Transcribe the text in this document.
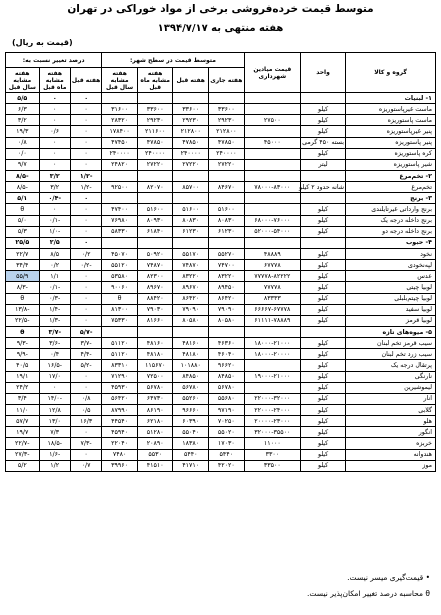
متوسط قیمت خرده‌فروشی برخی از مواد خوراکی در تهران
هفته منتهی به ۱۳۹۴/۷/۱۷
(قیمت به ریال)
گروه و کالا	واحد	قیمت میادین شهرداری	متوسط قیمت در سطح شهر:				درصد تغییر نسبت به:		
			هفته جاری	هفته قبل	هفته مشابه ماه قبل	هفته مشابه سال قبل	هفته قبل	هفته مشابه ماه قبل	هفته مشابه سال قبل
۱- لبنیات							۰	۰	۵/۵
ماست غیرپاستوریزه	کیلو		۳۳۶۰۰	۳۳۶۰۰	۳۳۶۰۰	۳۱۶۰۰	۰	۰	۶/۳
ماست پاستوریزه	کیلو	۲۷۵۰۰	۲۹۲۳۰	۲۹۲۳۰	۲۹۲۳۰	۲۸۳۲۰	۰	۰	۳/۲
پنیر غیرپاستوریزه	کیلو		۲۱۲۸۰۰	۲۱۲۸۰۰	۲۱۱۶۰۰	۱۷۸۴۰۰	۰	۰/۶	۱۹/۳
پنیر پاستوریزه	بسته ۴۵۰ گرمی	۴۵۰۰۰	۴۷۸۵۰	۴۷۸۵۰	۴۷۸۵۰	۴۷۴۵۰	۰	۰	۰/۸
کره پاستوریزه	کیلو		۲۴۰۰۰۰	۲۴۰۰۰۰	۲۴۰۰۰۰	۲۴۰۰۰۰	۰	۰	۰/۰
شیر پاستوریزه	لیتر		۲۷۲۲۰	۲۷۲۲۰	۲۷۲۲۰	۲۴۸۲۰	۰	۰	۹/۷
۲- تخم‌مرغ							-۱/۲	۳/۲	-۸/۵
تخم‌مرغ	شانه حدود ۲ کیلو	۷۸۰۰۰-۸۳۰۰۰	۸۴۶۷۰	۸۵۷۰۰	۸۲۰۷۰	۹۲۵۰۰	-۱/۲	۳/۲	-۸/۵
۳- برنج							۰	-۰/۴	۵/۱
برنج وارداتی غیرتایلندی	کیلو		۵۱۶۰۰	۵۱۶۰۰	۵۱۶۰۰	۴۷۴۰۰	۰	۰	θ
برنج داخله درجه یک	کیلو	۶۸۰۰۰-۷۶۰۰۰	۸۰۸۳۰	۸۰۸۳۰	۸۰۹۳۰	۷۶۹۸۰	۰	-۰/۱	۵/۰
برنج داخله درجه دو	کیلو	۵۲۰۰۰-۵۴۰۰۰	۶۱۲۳۰	۶۱۲۳۰	۶۱۸۴۰	۵۸۳۳۰	۰	-۱/۰	۵/۳
۴- حبوب							۰	۲/۵	۲۵/۵
نخود	کیلو	۴۸۸۸۹	۵۵۲۷۰	۵۵۱۷۰	۵۰۹۲۰	۴۵۰۷۰	۰/۲	۸/۵	۲۲/۷
لپه‌نخودی	کیلو	۶۷۷۷۸	۷۴۷۰۰	۷۴۸۷۰	۷۴۸۷۰	۵۵۱۲۰	-۰/۲	۰/۲	۳۴/۴
عدس	کیلو	۷۷۷۷۸-۸۲۲۲۲	۸۳۲۲۰	۸۳۲۲۰	۸۲۳۰۰	۵۳۵۸۰	۰	۱/۱	۵۵/۹
لوبیا چیتی	کیلو	۷۷۷۷۸	۸۹۴۵۰	۸۹۶۷۰	۸۹۶۷۰	۹۰۰۶۰	۰	-۰/۱	-۸/۳
لوبیا چیتم‌بلبلی	کیلو	۸۳۳۳۳	۸۶۴۲۰	۸۶۴۲۰	۸۸۴۲۰	θ	۰	-۰/۳	θ
لوبیا سفید	کیلو	۶۶۶۶۷-۶۷۷۷۸	۷۹۰۹۰	۷۹۰۹۰	۷۹۰۳۰	۸۱۳۰۰	۰	-۱/۴	-۱۳/۸
لوبیا قرمز	کیلو	۶۱۱۱۱-۷۸۸۸۹	۸۰۵۸۰	۸۰۵۸۰	۸۱۶۶۰	۷۵۳۳۰	۰	-۱/۳	-۲۲/۵
۵- میوه‌های تازه							-۵/۷	-۳/۷	θ
سیب قرمز تخم لبنان	کیلو	۱۸۰۰۰-۲۱۰۰۰	۴۶۳۶۰	۴۸۱۶۰	۴۸۱۶۰	۵۱۱۲۰	-۳/۷	-۳/۶	-۹/۳
سیب زرد تخم لبنان	کیلو	۱۸۰۰۰-۲۰۰۰۰	۴۶۰۴۰	۴۸۱۸۰	۴۸۱۸۰	۵۱۱۲۰	-۴/۴	۰/۴	-۹/۹
پرتقال درجه یک	کیلو		۹۶۶۲۰	۱۰۱۸۸۰	۱۱۵۶۷۰	۸۳۳۱۰	-۵/۲	-۱۶/۵	۴۰/۵
نارنگی	کیلو	۱۹۰۰۰-۲۱۰۰۰	۸۴۸۵۰	۸۴۸۵۰	۷۲۵۰۰	۷۱۲۹۰	۰	۱۷/۰	۱۹/۱
لیموشیرین	کیلو		۵۶۷۸۰	۵۶۷۸۰	۵۶۷۸۰	۴۵۹۳۰	۰	۰	۲۴/۲
انار	کیلو	۲۲۰۰۰-۳۲۰۰۰	۵۵۶۸۰	۵۵۲۶۰	۶۴۷۳۰	۵۶۴۲۰	۰/۸	-۱۴/۰	۳/۴
گلابی	کیلو	۲۲۰۰۰-۲۴۰۰۰	۹۷۱۹۰	۹۶۶۶۰	۸۶۱۹۰	۸۷۹۹۰	۰/۵	۱۲/۸	۱۱/۰
هلو	کیلو	۲۰۰۰۰-۲۳۰۰۰	۷۰۲۵۰	۶۰۳۹۰	۶۲۱۸۰	۴۴۵۴۰	۱۶/۳	۱۳/۰	۵۷/۷
انگور	کیلو	۳۲۰۰۰-۳۵۵۰۰	۵۵۰۲۰	۵۵۰۴۰	۵۱۲۸۰	۴۵۹۴۰	۰	۷/۳	۱۹/۷
خربزه	کیلو	۱۱۰۰۰	۱۷۰۳۰	۱۸۳۸۰	۲۰۸۹۰	۲۲۰۴۰	-۷/۳	-۱۸/۵	-۲۲/۷
هندوانه	کیلو	۳۳۰۰	۵۴۴۰	۵۴۴۰	۵۵۳۰	۷۴۸۰	۰	-۱/۶	-۲۷/۳
موز	کیلو	۳۳۵۰۰	۴۲۰۲۰	۴۱۷۱۰	۴۱۵۱۰	۳۹۹۶۰	۰/۷	۱/۲	۵/۲
• قیمت‌گیری میسر نیست.
θ محاسبه درصد تغییر امکان‌پذیر نیست.
